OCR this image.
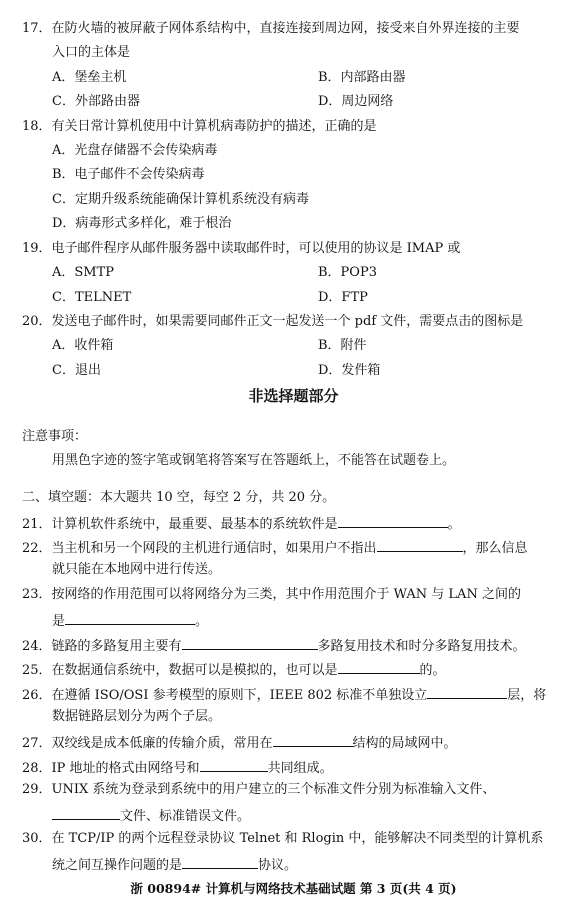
17．在防火墙的被屏蔽子网体系结构中，直接连接到周边网，接受来自外界连接的主要
入口的主体是
A．堡垒主机	B．内部路由器
C．外部路由器	D．周边网络
18．有关日常计算机使用中计算机病毒防护的描述，正确的是
A．光盘存储器不会传染病毒
B．电子邮件不会传染病毒
C．定期升级系统能确保计算机系统没有病毒
D．病毒形式多样化，难于根治
19．电子邮件程序从邮件服务器中读取邮件时，可以使用的协议是 IMAP 或
A．SMTP	B．POP3
C．TELNET	D．FTP
20．发送电子邮件时，如果需要同邮件正文一起发送一个 pdf 文件，需要点击的图标是
A．收件箱	B．附件
C．退出	D．发件箱
非选择题部分
注意事项：
用黑色字迹的签字笔或钢笔将答案写在答题纸上，不能答在试题卷上。
二、填空题：本大题共 10 空，每空 2 分，共 20 分。
21．计算机软件系统中，最重要、最基本的系统软件是	。
22．当主机和另一个网段的主机进行通信时，如果用户不指出	，那么信息
就只能在本地网中进行传送。
23．按网络的作用范围可以将网络分为三类，其中作用范围介于 WAN 与 LAN 之间的
是	。
24．链路的多路复用主要有	多路复用技术和时分多路复用技术。
25．在数据通信系统中，数据可以是模拟的，也可以是	的。
26．在遵循 ISO/OSI 参考模型的原则下，IEEE 802 标准不单独设立	层，将
数据链路层划分为两个子层。
27．双绞线是成本低廉的传输介质，常用在	结构的局域网中。
28．IP 地址的格式由网络号和	共同组成。
29．UNIX 系统为登录到系统中的用户建立的三个标准文件分别为标准输入文件、
文件、标准错误文件。
30．在 TCP/IP 的两个远程登录协议 Telnet 和 Rlogin 中，能够解决不同类型的计算机系
统之间互操作问题的是	协议。
浙 00894# 计算机与网络技术基础试题 第 3 页(共 4 页)
